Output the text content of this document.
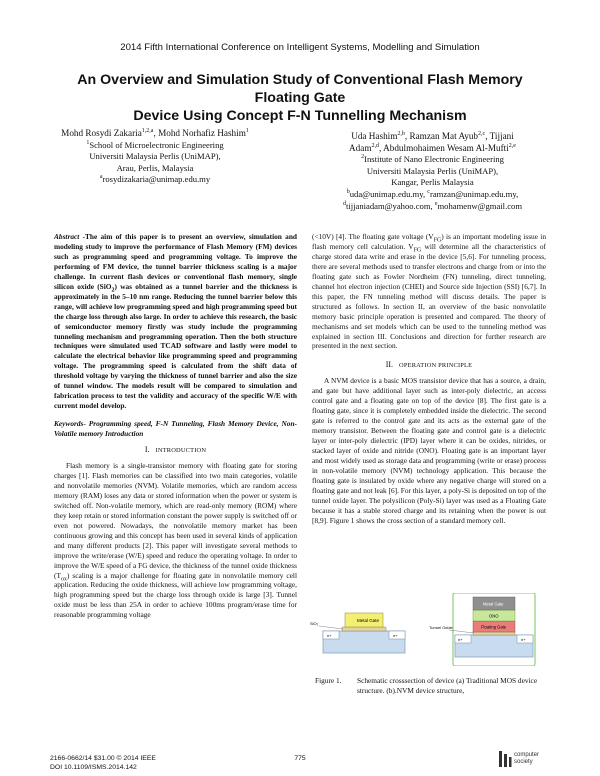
2014 Fifth International Conference on Intelligent Systems, Modelling and Simulation
An Overview and Simulation Study of Conventional Flash Memory Floating Gate
Device Using Concept F-N Tunnelling Mechanism
Mohd Rosydi Zakaria$^{1,2,a}$, Mohd Norhafiz Hashim$^1$
$^1$School of Microelectronic Engineering
Universiti Malaysia Perlis (UniMAP),
Arau, Perlis, Malaysia
$^a$rosydizakaria@unimap.edu.my
Uda Hashim$^{2,b}$, Ramzan Mat Ayub$^{2,c}$, Tijjani
Adam$^{2,d}$, Abdulmohaimen Wesam Al-Mufti$^{2,e}$
$^2$Institute of Nano Electronic Engineering
Universiti Malaysia Perlis (UniMAP),
Kangar, Perlis Malaysia
$^b$uda@unimap.edu.my, $^c$ramzan@unimap.edu.my,
$^d$tijjaniadam@yahoo.com, $^e$mohamenw@gmail.com

Abstract -The aim of this paper is to present an overview, simulation and modeling study to improve the performance of Flash Memory (FM) devices such as programming speed and programming voltage. To improve the performing of FM device, the tunnel barrier thickness scaling is a major challenge. In current flash devices or conventional flash memory, single silicon oxide (SiO$_2$) was obtained as a tunnel barrier and the thickness is approximately in the 5–10 nm range. Reducing the tunnel barrier below this range, will achieve low programming speed and high programming speed but the charge loss through also large. In order to achieve this research, the basic of semiconductor memory firstly was study include the programming tunneling mechanism and programming operation. Then the both structure techniques were simulated used TCAD software and lastly were model to calculate the electrical behavior like programming speed and programming voltage. The programming speed is calculated from the shift data of threshold voltage by varying the thickness of tunnel barrier and also the size of tunnel window. The models result will be compared to simulation and fabrication process to test the validity and accuracy of the specific W/E with current model develop.

Keywords- Programming speed, F-N Tunneling, Flash Memory Device, Non-Volatile memory Introduction

I. INTRODUCTION

Flash memory is a single-transistor memory with floating gate for storing charges [1]. Flash memories can be classified into two main categories, volatile and nonvolatile memories (NVM). Volatile memories, which are random access memory (RAM) loses any data or stored information when the power or system is switched off. Non-volatile memory, which are read-only memory (ROM) where they keep retain or stored information constant the power supply is switched off or even not powered. Nowadays, the nonvolatile memory market has been continuous growing and this concept has been used in several kinds of application and many different products [2]. This paper will investigate several methods to improve the write/erase (W/E) speed and reduce the operating voltage. In order to improve the W/E speed of a FG device, the thickness of the tunnel oxide thickness $(T_{ox})$ scaling is a major challenge for floating gate in nonvolatile memory cell application. Reducing the oxide thickness, will achieve low programming voltage, high programming speed but the charge loss through oxide is large [3]. Tunnel oxide must be less than 25A in order to achieve 100ms program/erase time for reasonable programming voltage

(<10V) [4]. The floating gate voltage $(V_{FG})$ is an important modeling issue in flash memory cell calculation. $V_{FG}$ will determine all the characteristics of charge stored data write and erase in the device [5,6]. For tunneling process, there are several methods used to transfer electrons and charge from or into the floating gate such as Fowler Nordheim (FN) tunneling, direct tunneling, channel hot electron injection (CHEI) and Source side Injection (SSI) [6,7]. In this paper, the FN tunneling method will discuss details. The paper is structured as follows. In section II, an overview of the basic nonvolatile memory basic principle operation is presented and compared. The theory of mechanisms and set models which can be used to the tunneling method was explained in section III. Conclusions and direction for further research are presented in the next section.

II. OPERATION PRINCIPLE

A NVM device is a basic MOS transistor device that has a source, a drain, and gate but have additional layer such as inter-poly dielectric, an access control gate and a floating gate on top of the device [8]. The first gate is a floating gate, since it is completely embedded inside the dielectric. The second gate is referred to the control gate and its acts as the external gate of the memory transistor. Between the floating gate and control gate is a dielectric layer or inter-poly dielectric (IPD) layer where it can be oxides, nitrides, or stacked layer of oxide and nitride (ONO). Floating gate is an important layer and most widely used as storage data and programming (write or erase) process in non-volatile memory (NVM) technology application. This because the floating gate is insulated by oxide where any negative charge will stored on a floating gate and not leak [6]. For this layer, a poly-Si is deposited on top of the tunnel oxide layer. The polysilicon (Poly-Si) layer was used as a Floating Gate because it has a stable stored charge and its retaining when the power is out [8,9]. Figure 1 shows the cross section of a standard memory cell.

Metal Gate
SiO₂
n+	n+
Floating Gate
ONO
Metal Gate
Tunnel Oxide
n+	n+
Figure 1.	Schematic crosssection of device (a) Traditional MOS device structure. (b).NVM device structure,
2166-0662/14 $31.00 © 2014 IEEE
DOI 10.1109/ISMS.2014.142
775	computer society
